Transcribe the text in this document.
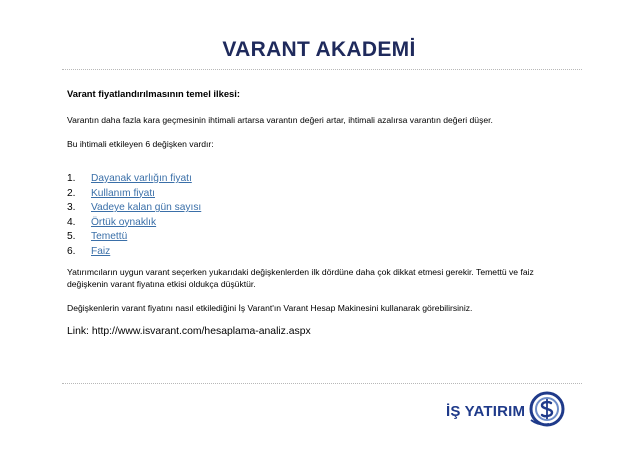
VARANT AKADEMİ
Varant fiyatlandırılmasının temel ilkesi:
Varantın daha fazla kara geçmesinin ihtimali artarsa varantın değeri artar, ihtimali azalırsa varantın değeri düşer.
Bu ihtimali etkileyen 6 değişken vardır:
1.	Dayanak varlığın fiyatı
2.	Kullanım fiyatı
3.	Vadeye kalan gün sayısı
4.	Örtük oynaklık
5.	Temettü
6.	Faiz
Yatırımcıların uygun varant seçerken yukarıdaki değişkenlerden ilk dördüne daha çok dikkat etmesi gerekir. Temettü ve faiz değişkenin varant fiyatına etkisi oldukça düşüktür.
Değişkenlerin varant fiyatını nasıl etkilediğini İş Varant'ın Varant Hesap Makinesini kullanarak görebilirsiniz.
Link: http://www.isvarant.com/hesaplama-analiz.aspx
İŞ YATIRIM
